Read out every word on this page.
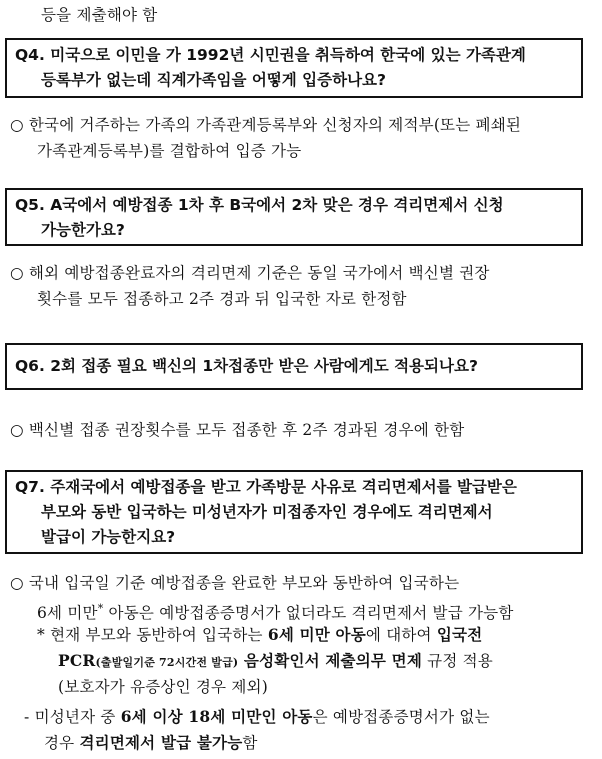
등을 제출해야 함
Q4. 미국으로 이민을 가 1992년 시민권을 취득하여 한국에 있는 가족관계
등록부가 없는데 직계가족임을 어떻게 입증하나요?
○ 한국에 거주하는 가족의 가족관계등록부와 신청자의 제적부(또는 폐쇄된
가족관계등록부)를 결합하여 입증 가능
Q5. A국에서 예방접종 1차 후 B국에서 2차 맞은 경우 격리면제서 신청
가능한가요?
○ 해외 예방접종완료자의 격리면제 기준은 동일 국가에서 백신별 권장
횟수를 모두 접종하고 2주 경과 뒤 입국한 자로 한정함
Q6. 2회 접종 필요 백신의 1차접종만 받은 사람에게도 적용되나요?
○ 백신별 접종 권장횟수를 모두 접종한 후 2주 경과된 경우에 한함
Q7. 주재국에서 예방접종을 받고 가족방문 사유로 격리면제서를 발급받은
부모와 동반 입국하는 미성년자가 미접종자인 경우에도 격리면제서
발급이 가능한지요?
○ 국내 입국일 기준 예방접종을 완료한 부모와 동반하여 입국하는
6세 미만* 아동은 예방접종증명서가 없더라도 격리면제서 발급 가능함
* 현재 부모와 동반하여 입국하는 6세 미만 아동에 대하여 입국전
PCR(출발일기준 72시간전 발급) 음성확인서 제출의무 면제 규정 적용
(보호자가 유증상인 경우 제외)
- 미성년자 중 6세 이상 18세 미만인 아동은 예방접종증명서가 없는
경우 격리면제서 발급 불가능함
